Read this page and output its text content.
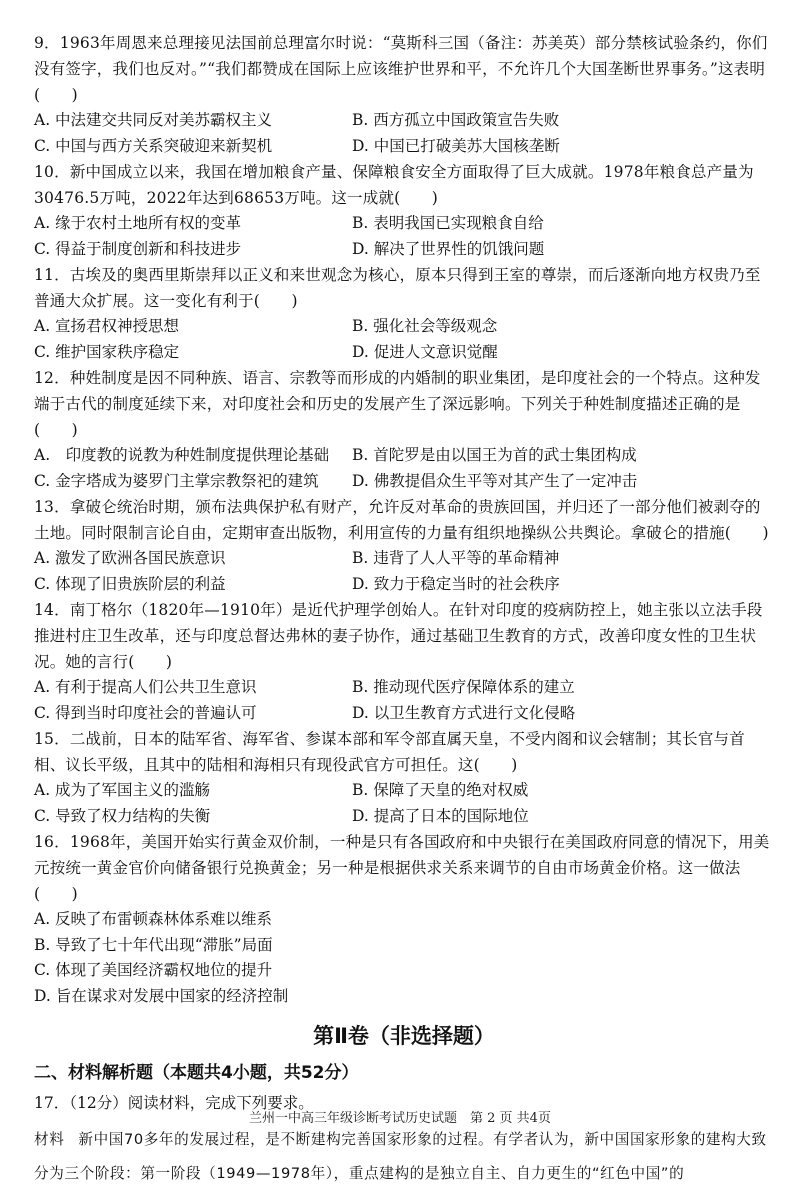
9．1963年周恩来总理接见法国前总理富尔时说：“莫斯科三国（备注：苏美英）部分禁核试验条约，你们没有签字，我们也反对。”“我们都赞成在国际上应该维护世界和平，不允许几个大国垄断世界事务。”这表明(　　)

A. 中法建交共同反对美苏霸权主义	B. 西方孤立中国政策宣告失败
C. 中国与西方关系突破迎来新契机	D. 中国已打破美苏大国核垄断

10．新中国成立以来，我国在增加粮食产量、保障粮食安全方面取得了巨大成就。1978年粮食总产量为30476.5万吨，2022年达到68653万吨。这一成就(　　)

A. 缘于农村土地所有权的变革	B. 表明我国已实现粮食自给
C. 得益于制度创新和科技进步	D. 解决了世界性的饥饿问题

11．古埃及的奥西里斯崇拜以正义和来世观念为核心，原本只得到王室的尊崇，而后逐渐向地方权贵乃至普通大众扩展。这一变化有利于(　　)

A. 宣扬君权神授思想	B. 强化社会等级观念
C. 维护国家秩序稳定	D. 促进人文意识觉醒

12．种姓制度是因不同种族、语言、宗教等而形成的内婚制的职业集团，是印度社会的一个特点。这种发端于古代的制度延续下来，对印度社会和历史的发展产生了深远影响。下列关于种姓制度描述正确的是(　　)

A.　印度教的说教为种姓制度提供理论基础	B. 首陀罗是由以国王为首的武士集团构成
C. 金字塔成为婆罗门主掌宗教祭祀的建筑	D. 佛教提倡众生平等对其产生了一定冲击

13．拿破仑统治时期，颁布法典保护私有财产，允许反对革命的贵族回国，并归还了一部分他们被剥夺的土地。同时限制言论自由，定期审查出版物，利用宣传的力量有组织地操纵公共舆论。拿破仑的措施(　　)

A. 激发了欧洲各国民族意识	B. 违背了人人平等的革命精神
C. 体现了旧贵族阶层的利益	D. 致力于稳定当时的社会秩序

14．南丁格尔（1820年—1910年）是近代护理学创始人。在针对印度的疫病防控上，她主张以立法手段推进村庄卫生改革，还与印度总督达弗林的妻子协作，通过基础卫生教育的方式，改善印度女性的卫生状况。她的言行(　　)

A. 有利于提高人们公共卫生意识	B. 推动现代医疗保障体系的建立
C. 得到当时印度社会的普遍认可	D. 以卫生教育方式进行文化侵略

15．二战前，日本的陆军省、海军省、参谋本部和军令部直属天皇，不受内阁和议会辖制；其长官与首相、议长平级，且其中的陆相和海相只有现役武官方可担任。这(　　)

A. 成为了军国主义的滥觞	B. 保障了天皇的绝对权威
C. 导致了权力结构的失衡	D. 提高了日本的国际地位

16．1968年，美国开始实行黄金双价制，一种是只有各国政府和中央银行在美国政府同意的情况下，用美元按统一黄金官价向储备银行兑换黄金；另一种是根据供求关系来调节的自由市场黄金价格。这一做法(　　)

A. 反映了布雷顿森林体系难以维系
B. 导致了七十年代出现“滞胀”局面
C. 体现了美国经济霸权地位的提升
D. 旨在谋求对发展中国家的经济控制
第Ⅱ卷（非选择题）

二、材料解析题（本题共4小题，共52分）

17．（12分）阅读材料，完成下列要求。

材料 新中国70多年的发展过程，是不断建构完善国家形象的过程。有学者认为，新中国国家形象的建构大致分为三个阶段：第一阶段（1949—1978年），重点建构的是独立自主、自力更生的“红色中国”的

兰州一中高三年级诊断考试历史试题　第 2 页 共4页
